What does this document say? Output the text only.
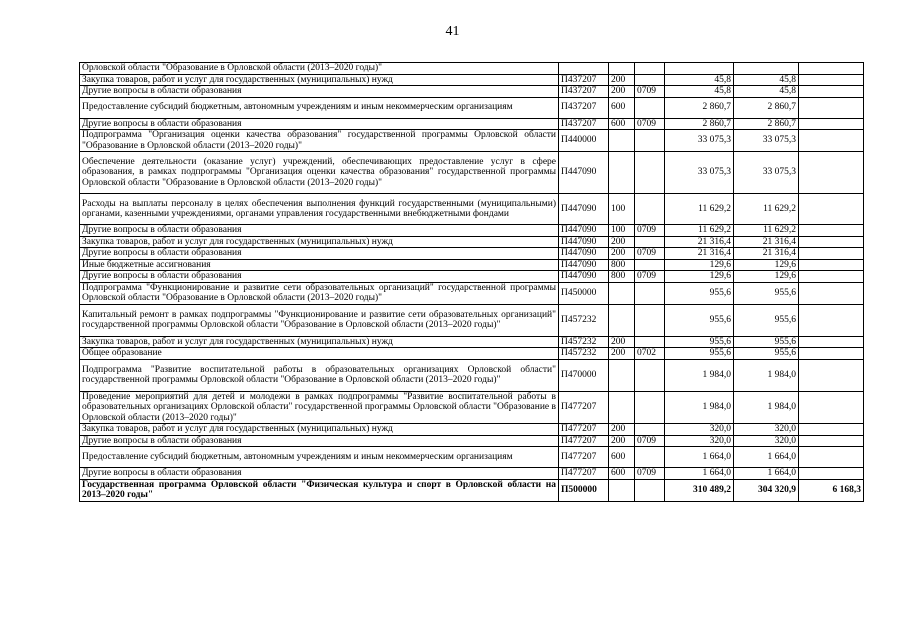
41
Орловской области "Образование в Орловской области (2013–2020 годы)"						
Закупка товаров, работ и услуг для государственных (муниципальных) нужд	П437207	200		45,8	45,8	
Другие вопросы в области образования	П437207	200	0709	45,8	45,8	
Предоставление субсидий бюджетным, автономным учреждениям и иным некоммерческим организациям	П437207	600		2 860,7	2 860,7	
Другие вопросы в области образования	П437207	600	0709	2 860,7	2 860,7	
Подпрограмма "Организация оценки качества образования" государственной программы Орловской области "Образование в Орловской области (2013–2020 годы)"	П440000			33 075,3	33 075,3	
Обеспечение деятельности (оказание услуг) учреждений, обеспечивающих предоставление услуг в сфере образования, в рамках подпрограммы "Организация оценки качества образования" государственной программы Орловской области "Образование в Орловской области (2013–2020 годы)"	П447090			33 075,3	33 075,3	
Расходы на выплаты персоналу в целях обеспечения выполнения функций государственными (муниципальными) органами, казенными учреждениями, органами управления государственными внебюджетными фондами	П447090	100		11 629,2	11 629,2	
Другие вопросы в области образования	П447090	100	0709	11 629,2	11 629,2	
Закупка товаров, работ и услуг для государственных (муниципальных) нужд	П447090	200		21 316,4	21 316,4	
Другие вопросы в области образования	П447090	200	0709	21 316,4	21 316,4	
Иные бюджетные ассигнования	П447090	800		129,6	129,6	
Другие вопросы в области образования	П447090	800	0709	129,6	129,6	
Подпрограмма "Функционирование и развитие сети образовательных организаций" государственной программы Орловской области "Образование в Орловской области (2013–2020 годы)"	П450000			955,6	955,6	
Капитальный ремонт в рамках подпрограммы "Функционирование и развитие сети образовательных организаций" государственной программы Орловской области "Образование в Орловской области (2013–2020 годы)"	П457232			955,6	955,6	
Закупка товаров, работ и услуг для государственных (муниципальных) нужд	П457232	200		955,6	955,6	
Общее образование	П457232	200	0702	955,6	955,6	
Подпрограмма "Развитие воспитательной работы в образовательных организациях Орловской области" государственной программы Орловской области "Образование в Орловской области (2013–2020 годы)"	П470000			1 984,0	1 984,0	
Проведение мероприятий для детей и молодежи в рамках подпрограммы "Развитие воспитательной работы в образовательных организациях Орловской области" государственной программы Орловской области "Образование в Орловской области (2013–2020 годы)"	П477207			1 984,0	1 984,0	
Закупка товаров, работ и услуг для государственных (муниципальных) нужд	П477207	200		320,0	320,0	
Другие вопросы в области образования	П477207	200	0709	320,0	320,0	
Предоставление субсидий бюджетным, автономным учреждениям и иным некоммерческим организациям	П477207	600		1 664,0	1 664,0	
Другие вопросы в области образования	П477207	600	0709	1 664,0	1 664,0	
Государственная программа Орловской области "Физическая культура и спорт в Орловской области на 2013–2020 годы"	П500000			310 489,2	304 320,9	6 168,3
